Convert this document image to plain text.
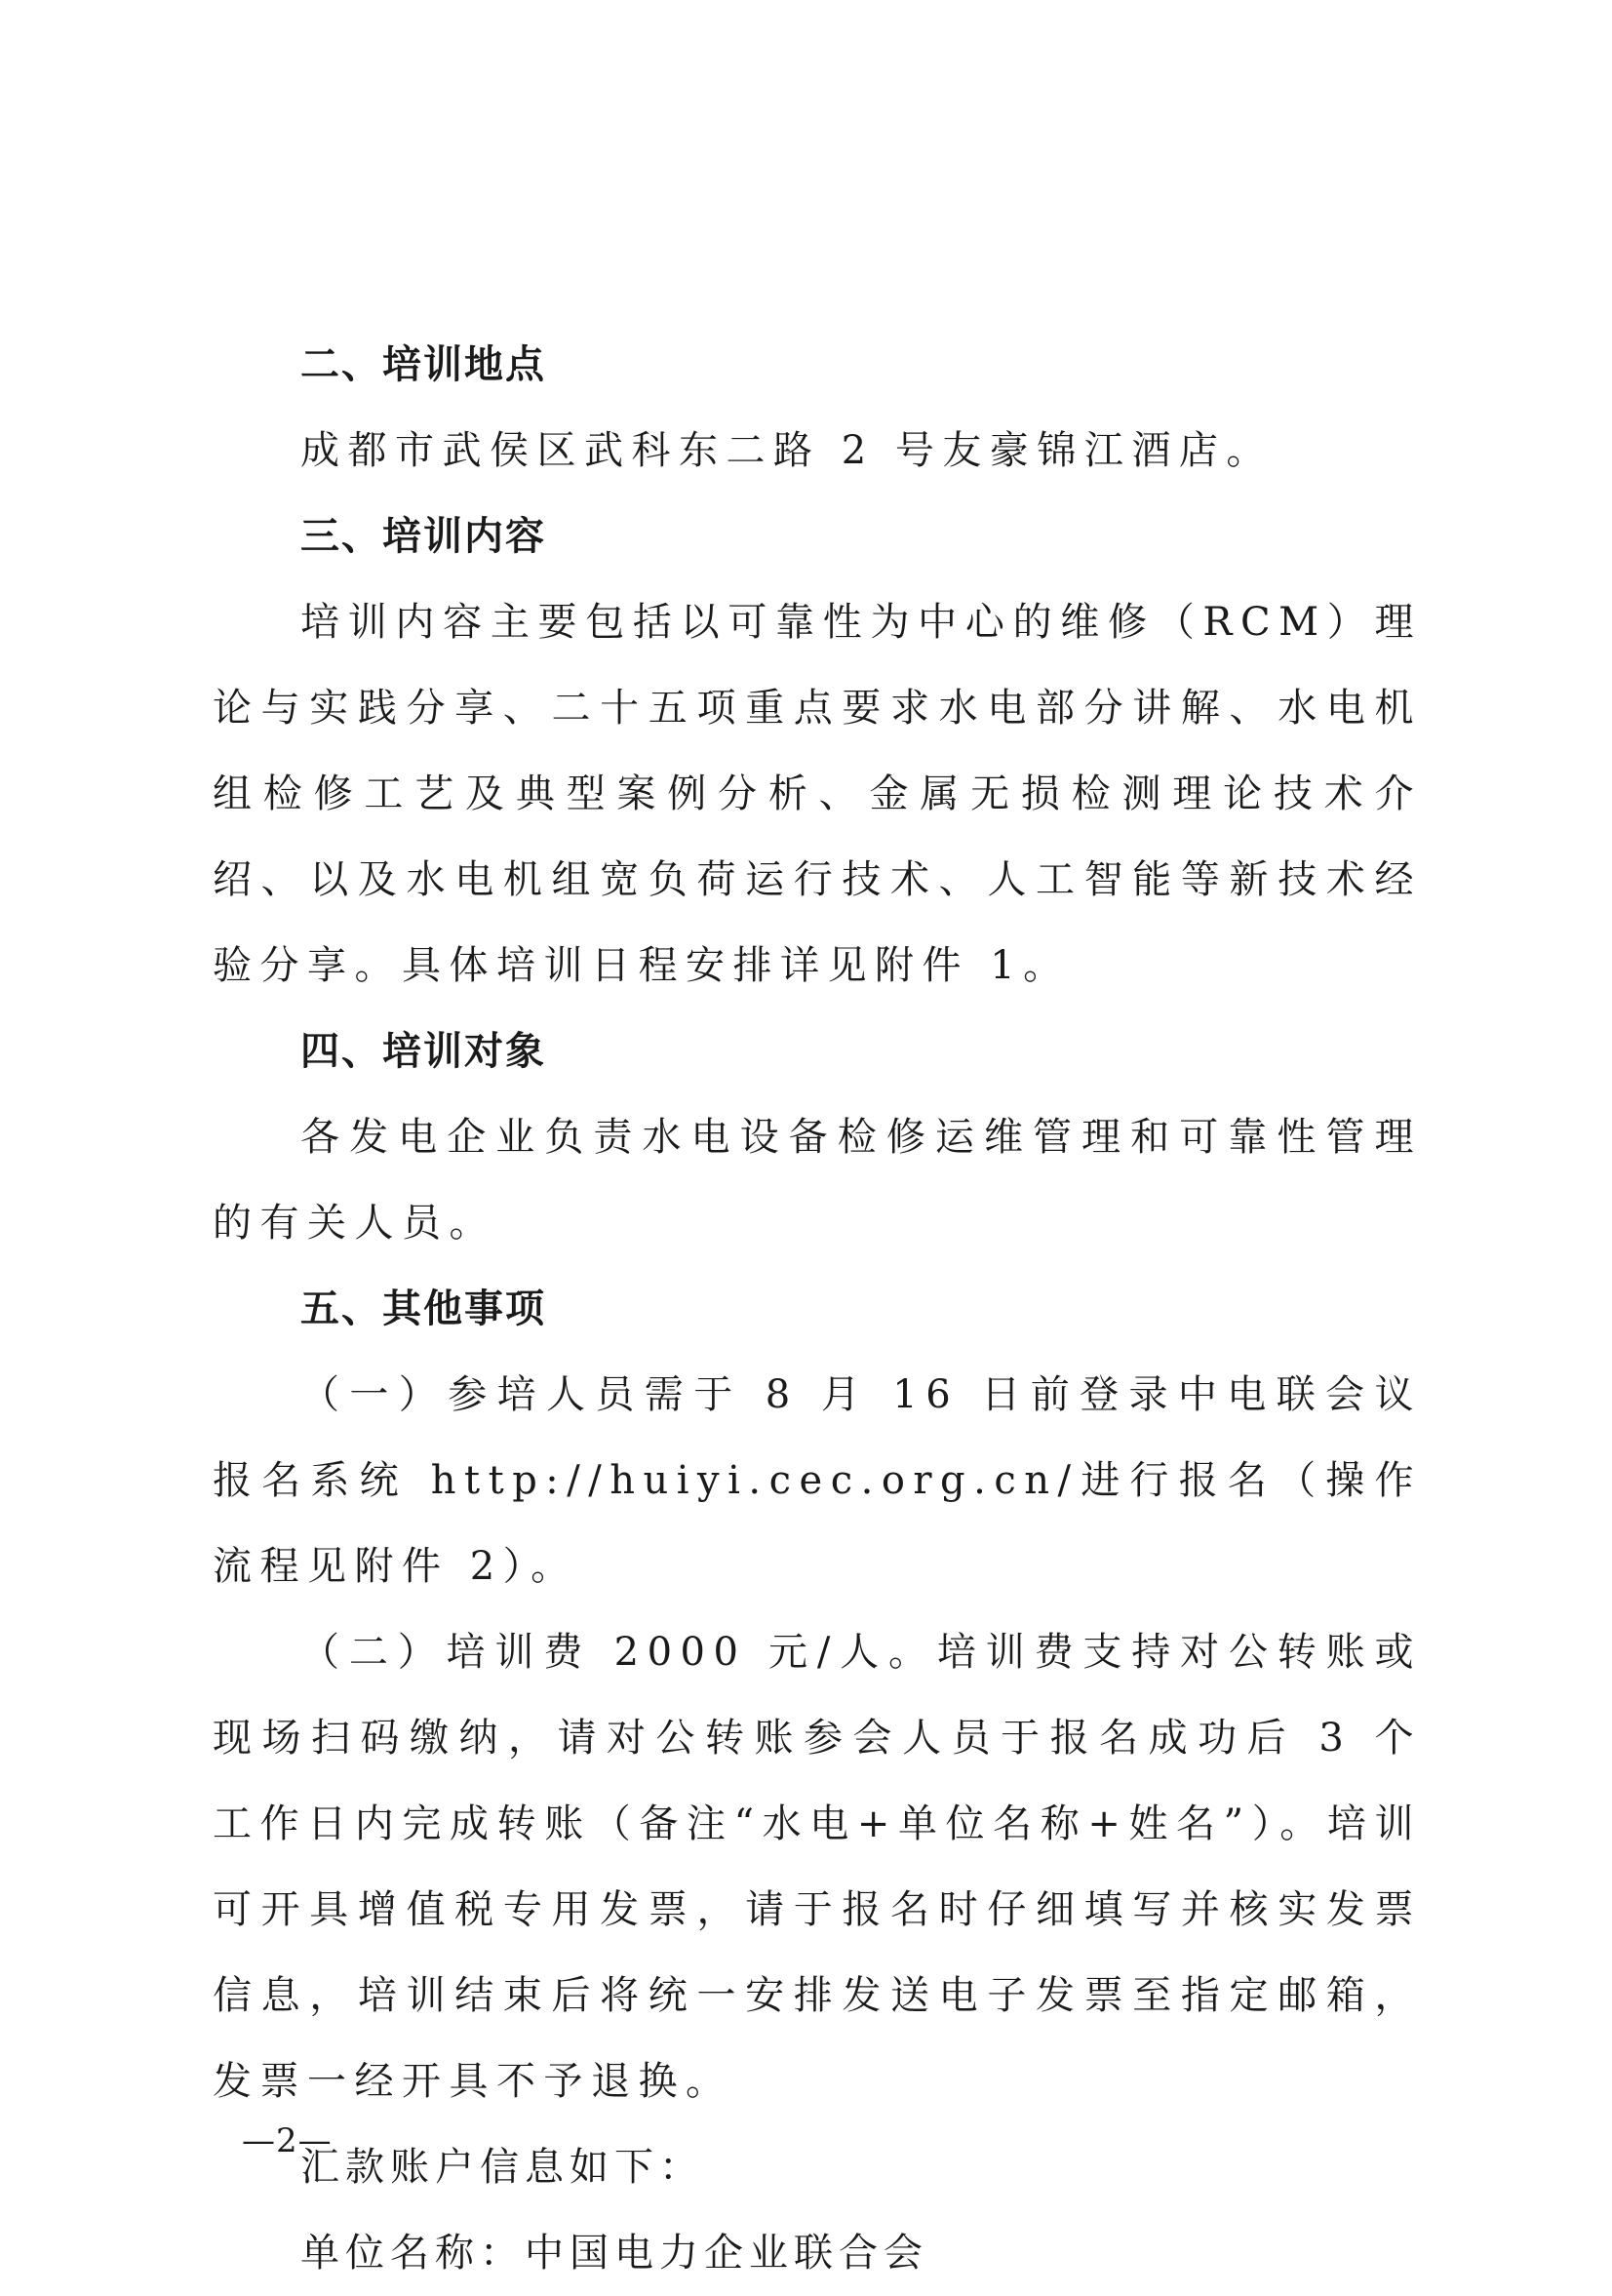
二、培训地点

成都市武侯区武科东二路 2 号友豪锦江酒店。

三、培训内容

培训内容主要包括以可靠性为中心的维修（RCM）理论与实践分享、二十五项重点要求水电部分讲解、水电机组检修工艺及典型案例分析、金属无损检测理论技术介绍、以及水电机组宽负荷运行技术、人工智能等新技术经验分享。具体培训日程安排详见附件 1。

四、培训对象

各发电企业负责水电设备检修运维管理和可靠性管理的有关人员。

五、其他事项

（一）参培人员需于 8 月 16 日前登录中电联会议报名系统 http://huiyi.cec.org.cn/进行报名（操作流程见附件 2）。

（二）培训费 2000 元/人。培训费支持对公转账或现场扫码缴纳，请对公转账参会人员于报名成功后 3 个工作日内完成转账（备注“水电+单位名称+姓名”）。培训可开具增值税专用发票，请于报名时仔细填写并核实发票信息，培训结束后将统一安排发送电子发票至指定邮箱，发票一经开具不予退换。

汇款账户信息如下：
单位名称：中国电力企业联合会
—2—
